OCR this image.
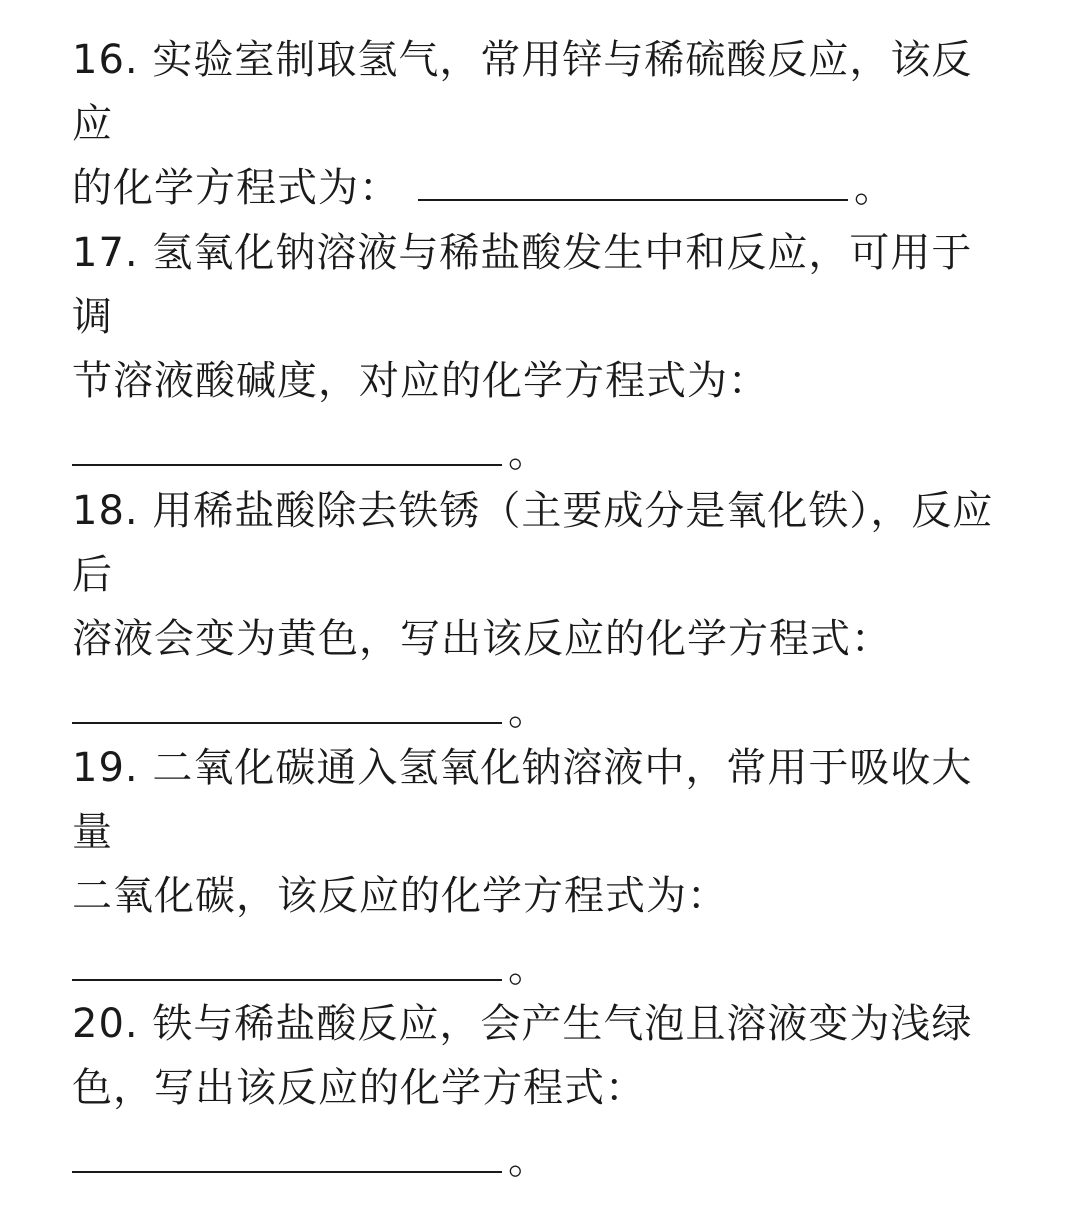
16. 实验室制取氢气，常用锌与稀硫酸反应，该反应

的化学方程式为：	。

17. 氢氧化钠溶液与稀盐酸发生中和反应，可用于调

节溶液酸碱度，对应的化学方程式为：

。

18. 用稀盐酸除去铁锈（主要成分是氧化铁），反应后

溶液会变为黄色，写出该反应的化学方程式：

。

19. 二氧化碳通入氢氧化钠溶液中，常用于吸收大量

二氧化碳，该反应的化学方程式为：

。

20. 铁与稀盐酸反应，会产生气泡且溶液变为浅绿

色，写出该反应的化学方程式：

。
